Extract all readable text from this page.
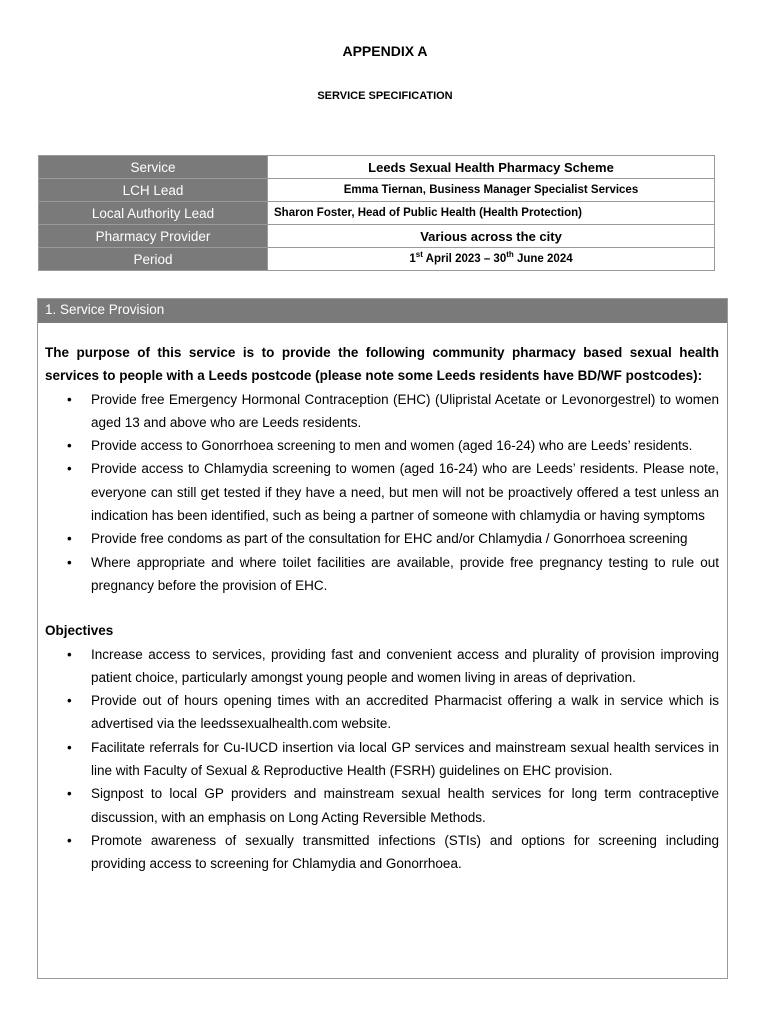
APPENDIX A
SERVICE SPECIFICATION
Service	Leeds Sexual Health Pharmacy Scheme
LCH Lead	Emma Tiernan, Business Manager Specialist Services
Local Authority Lead	Sharon Foster, Head of Public Health (Health Protection)
Pharmacy Provider	Various across the city
Period	1st April 2023 – 30th June 2024
1. Service Provision

The purpose of this service is to provide the following community pharmacy based sexual health services to people with a Leeds postcode (please note some Leeds residents have BD/WF postcodes):

• Provide free Emergency Hormonal Contraception (EHC) (Ulipristal Acetate or Levonorgestrel) to women aged 13 and above who are Leeds residents.
• Provide access to Gonorrhoea screening to men and women (aged 16-24) who are Leeds’ residents.
• Provide access to Chlamydia screening to women (aged 16-24) who are Leeds’ residents. Please note, everyone can still get tested if they have a need, but men will not be proactively offered a test unless an indication has been identified, such as being a partner of someone with chlamydia or having symptoms
• Provide free condoms as part of the consultation for EHC and/or Chlamydia / Gonorrhoea screening
• Where appropriate and where toilet facilities are available, provide free pregnancy testing to rule out pregnancy before the provision of EHC.
Objectives
• Increase access to services, providing fast and convenient access and plurality of provision improving patient choice, particularly amongst young people and women living in areas of deprivation.
• Provide out of hours opening times with an accredited Pharmacist offering a walk in service which is advertised via the leedssexualhealth.com website.
• Facilitate referrals for Cu-IUCD insertion via local GP services and mainstream sexual health services in line with Faculty of Sexual & Reproductive Health (FSRH) guidelines on EHC provision.
• Signpost to local GP providers and mainstream sexual health services for long term contraceptive discussion, with an emphasis on Long Acting Reversible Methods.
• Promote awareness of sexually transmitted infections (STIs) and options for screening including providing access to screening for Chlamydia and Gonorrhoea.
